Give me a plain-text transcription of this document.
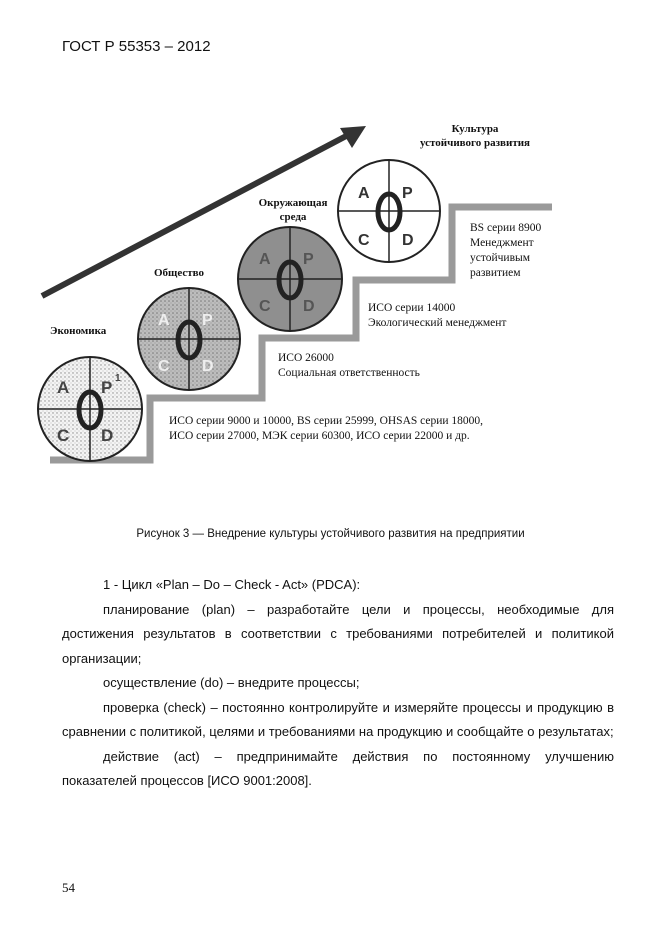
ГОСТ Р 55353 – 2012
A P 1
C D
A P
C D
A P
C D
A P
C D
Культура
устойчивого развития
Окружающая
среда
Общество
Экономика
ИСО серии 9000 и 10000, BS серии 25999, OHSAS серии 18000,
ИСО серии 27000, МЭК серии 60300, ИСО серии 22000 и др.
ИСО 26000
Социальная ответственность
ИСО серии 14000
Экологический менеджмент
BS серии 8900
Менеджмент
устойчивым
развитием
Рисунок 3 — Внедрение культуры устойчивого развития на предприятии

1 - Цикл «Plan – Do – Check - Act» (PDCA):

планирование (plan) – разработайте цели и процессы, необходимые для достижения результатов в соответствии с требованиями потребителей и политикой организации;

осуществление (do) – внедрите процессы;

проверка (check) – постоянно контролируйте и измеряйте процессы и продукцию в сравнении с политикой, целями и требованиями на продукцию и сообщайте о результатах;

действие (act) – предпринимайте действия по постоянному улучшению показателей процессов [ИСО 9001:2008].

54
